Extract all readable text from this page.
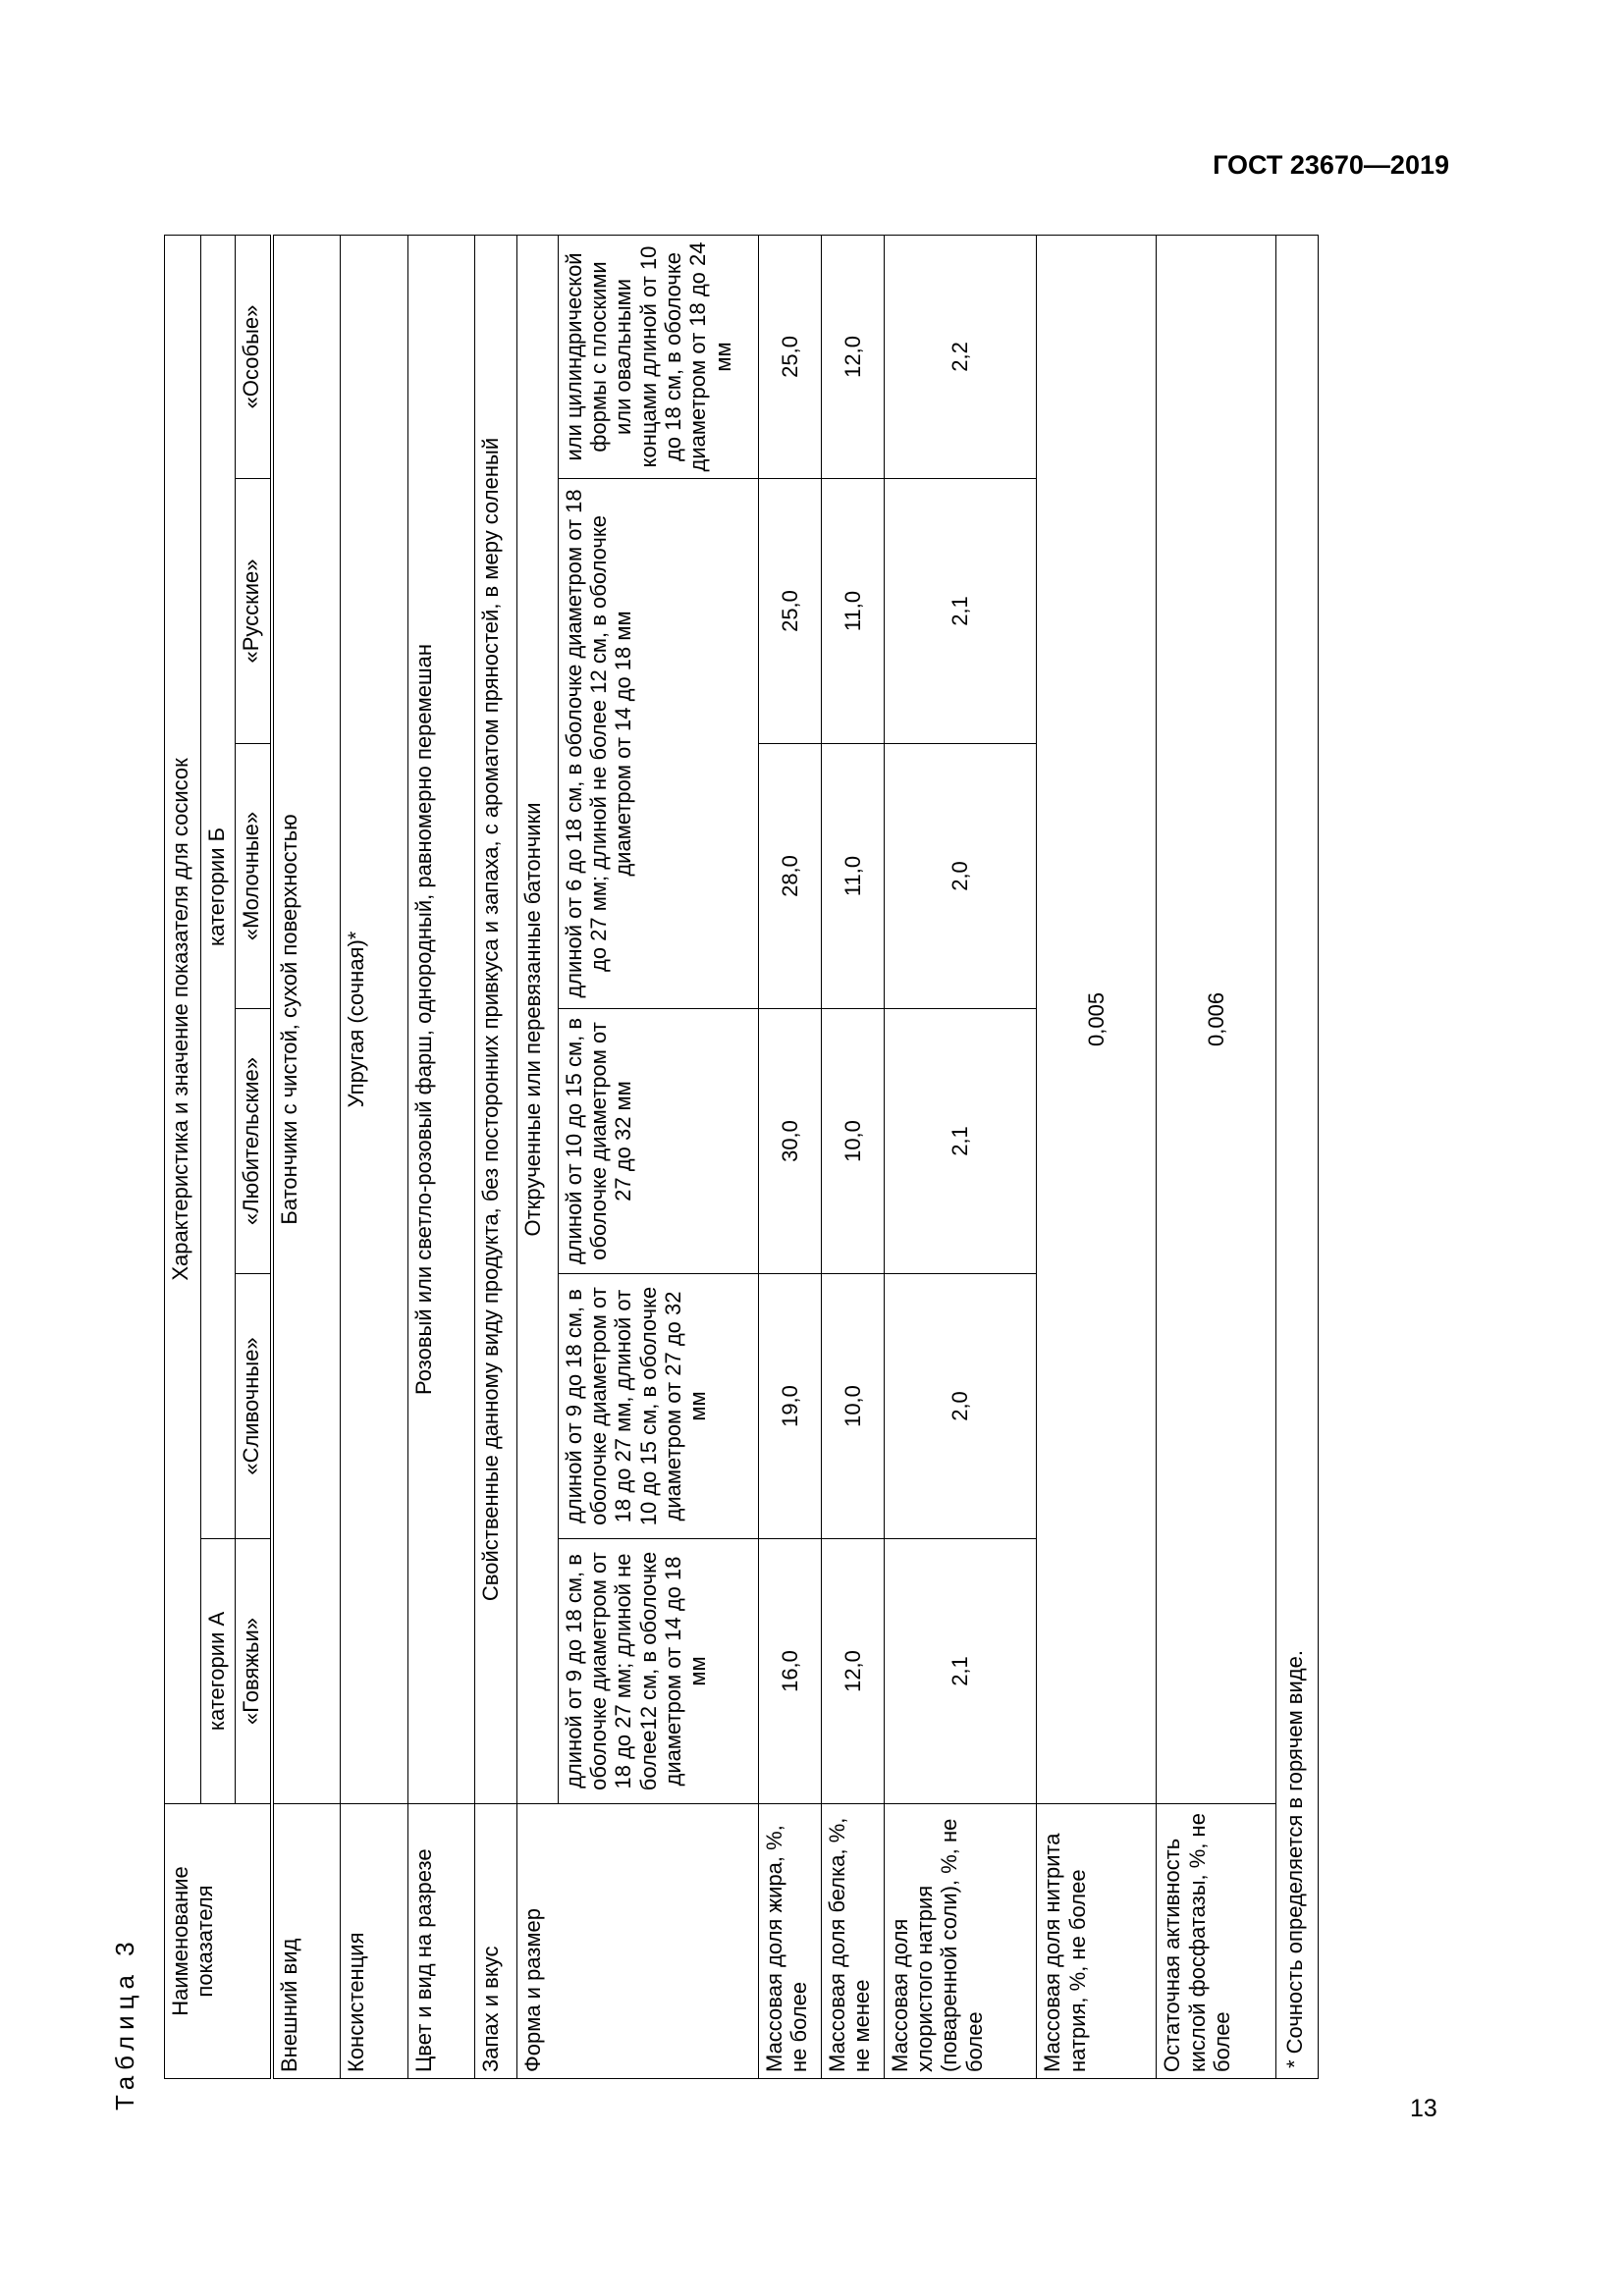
ГОСТ 23670—2019
13
Таблица 3 Наименование показателя	Характеристика и значение показателя для сосисок					
	категории А	категории Б				
	«Говяжьи»	«Сливочные»	«Любительские»	«Молочные»	«Русские»	«Особые»
Внешний вид	Батончики с чистой, сухой поверхностью					
Консистенция	Упругая (сочная)*					
Цвет и вид на разрезе	Розовый или светло-розовый фарш, однородный, равномерно перемешан					
Запах и вкус	Свойственные данному виду продукта, без посторонних привкуса и запаха, с ароматом пряностей, в меру соленый					
Форма и размер	Открученные или перевязанные батончики					
	длиной от 9 до 18 см, в оболочке диаметром от 18 до 27 мм; длиной не более12 см, в оболочке диаметром от 14 до 18 мм	длиной от 9 до 18 см, в оболочке диаметром от 18 до 27 мм, длиной от 10 до 15 см, в оболочке диаметром от 27 до 32 мм	длиной от 10 до 15 см, в оболочке диаметром от 27 до 32 мм	длиной от 6 до 18 см, в оболочке диаметром от 18 до 27 мм; длиной не более 12 см, в оболочке диаметром от 14 до 18 мм		или цилиндрической формы с плоскими или овальными концами длиной от 10 до 18 см, в оболочке диаметром от 18 до 24 мм
Массовая доля жира, %, не более	16,0	19,0	30,0	28,0	25,0	25,0
Массовая доля белка, %, не менее	12,0	10,0	10,0	11,0	11,0	12,0
Массовая доля хлористого натрия (поваренной соли), %, не более	2,1	2,0	2,1	2,0	2,1	2,2
Массовая доля нитрита натрия, %, не более	0,005					
Остаточная активность кислой фосфатазы, %, не более	0,006					
* Сочность определяется в горячем виде.						
